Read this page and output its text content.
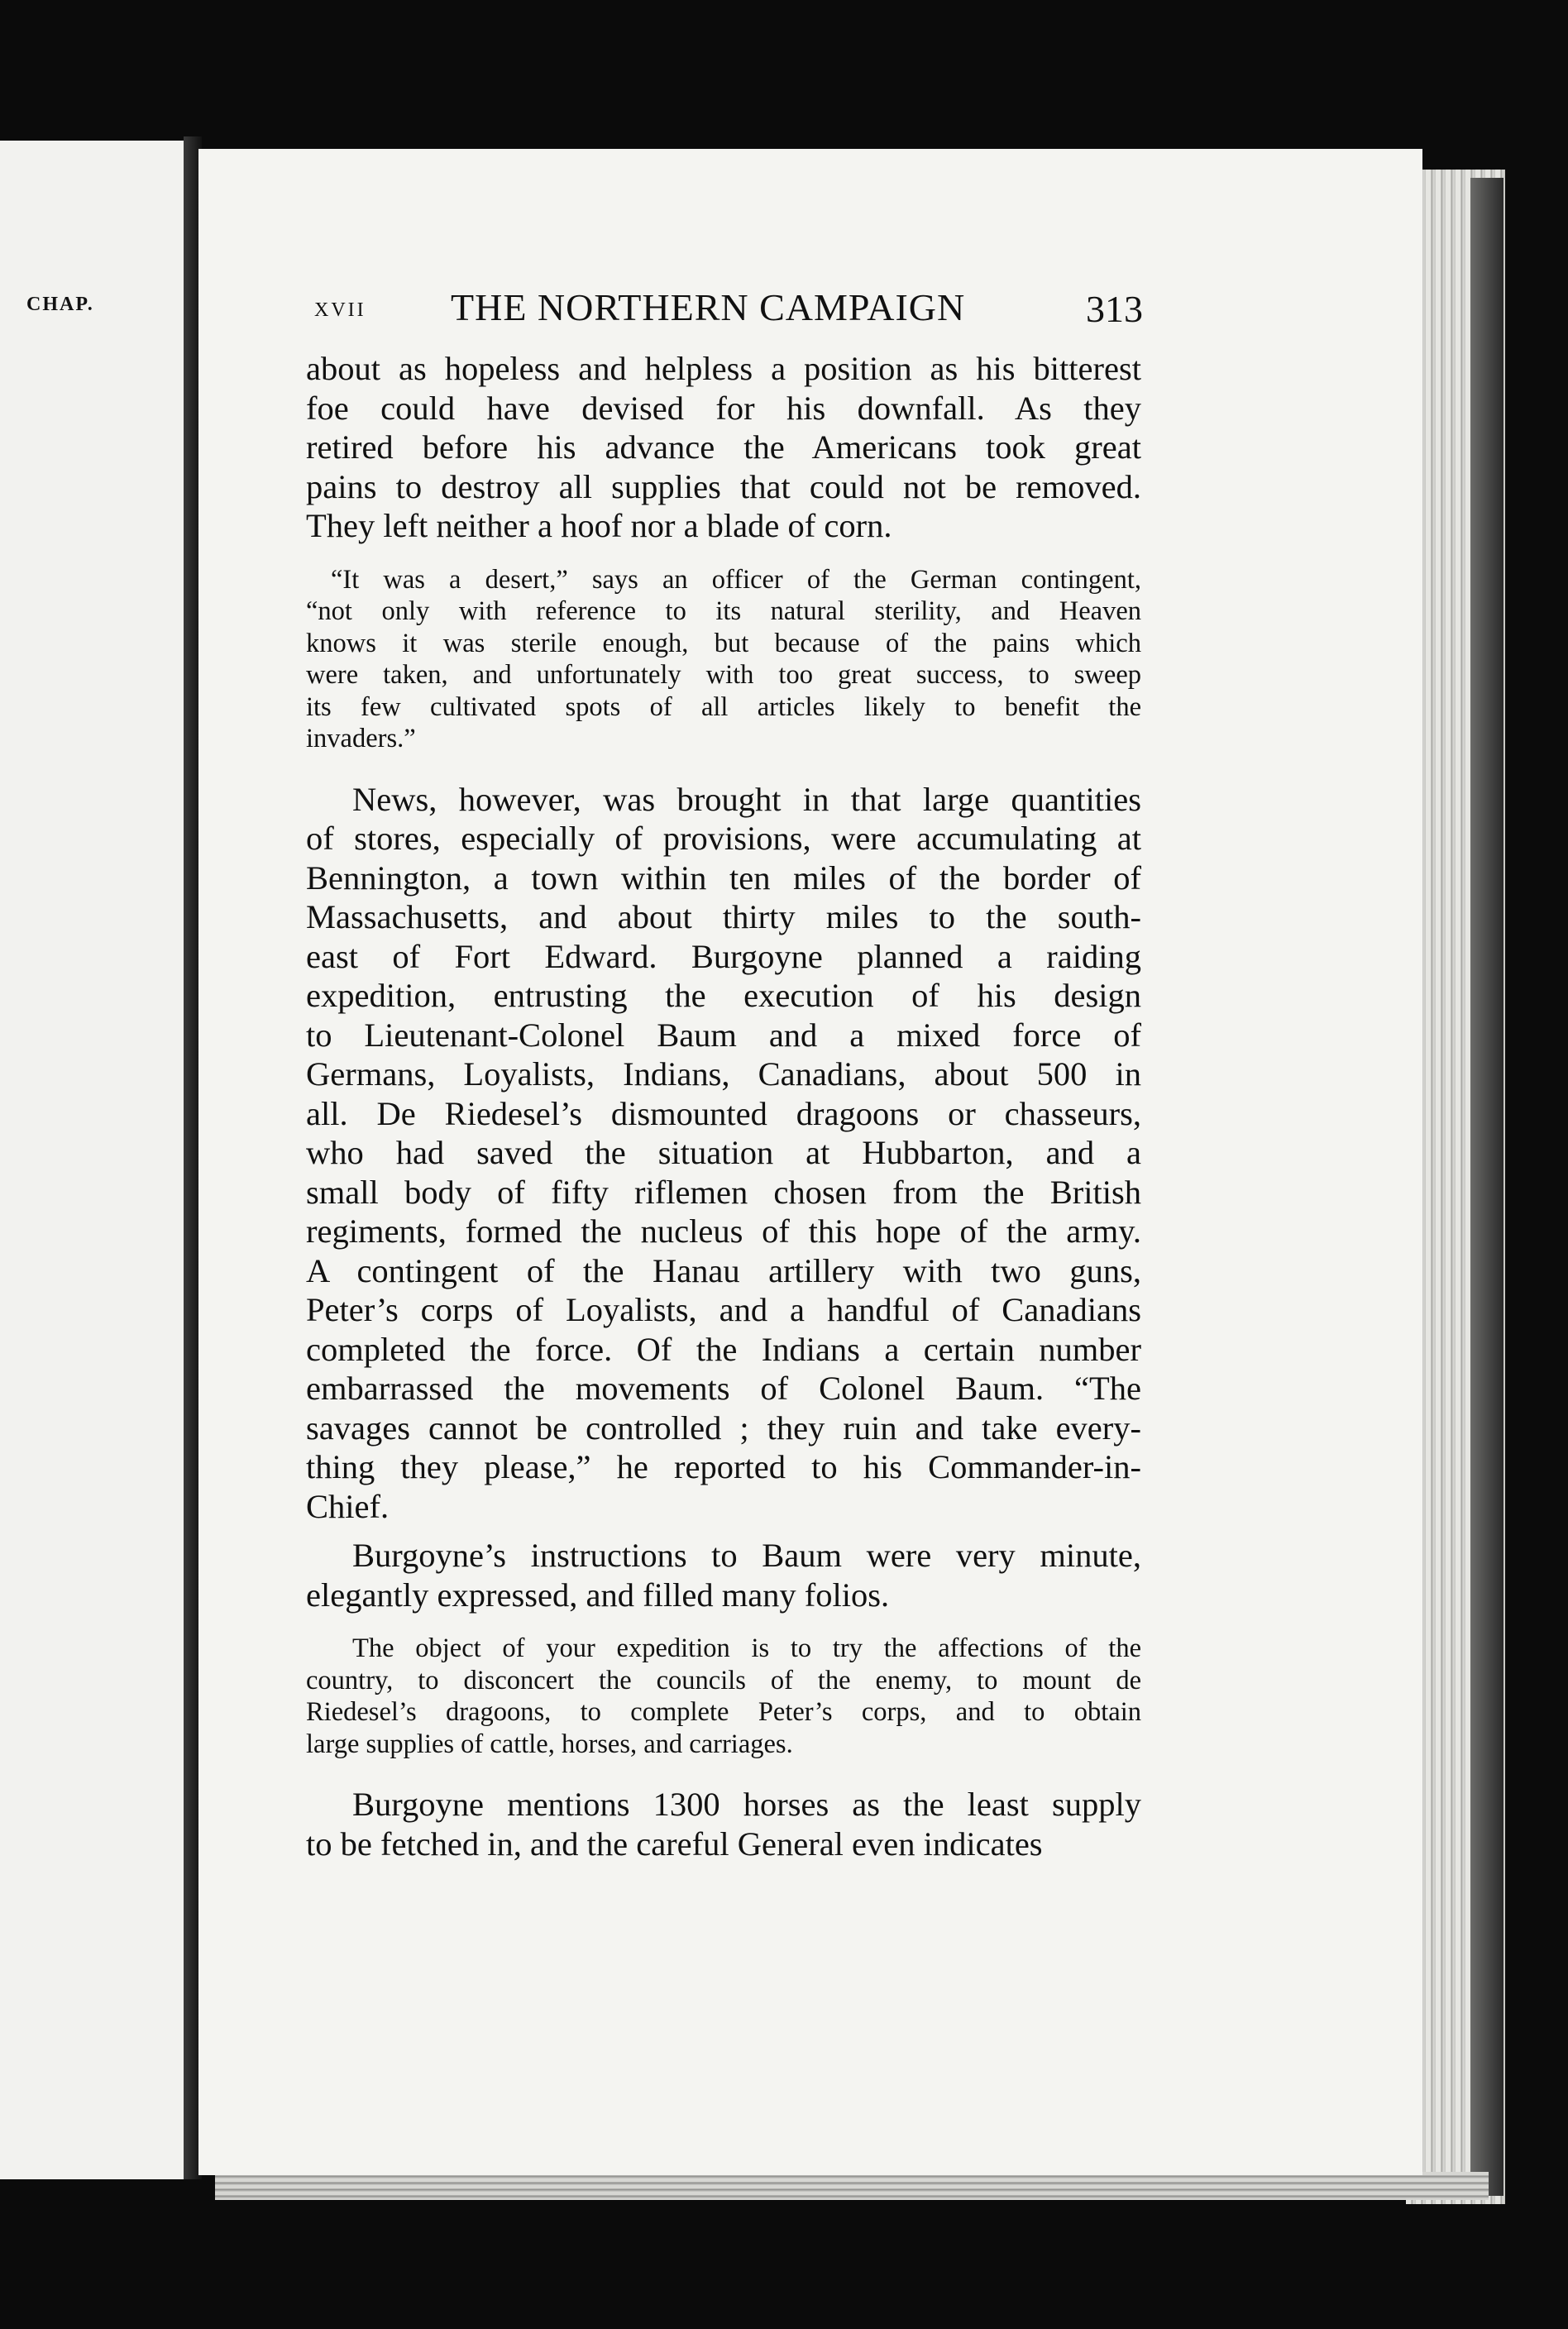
CHAP.
	XVII THE NORTHERN CAMPAIGN	313
about as hopeless and helpless a position as his bitterest
foe could have devised for his downfall. As they
retired before his advance the Americans took great
pains to destroy all supplies that could not be removed.
They left neither a hoof nor a blade of corn.
“It was a desert,” says an officer of the German contingent,
“not only with reference to its natural sterility, and Heaven
knows it was sterile enough, but because of the pains which
were taken, and unfortunately with too great success, to sweep
its few cultivated spots of all articles likely to benefit the
invaders.”
News, however, was brought in that large quantities
of stores, especially of provisions, were accumulating at
Bennington, a town within ten miles of the border of
Massachusetts, and about thirty miles to the south-
east of Fort Edward. Burgoyne planned a raiding
expedition, entrusting the execution of his design
to Lieutenant-Colonel Baum and a mixed force of
Germans, Loyalists, Indians, Canadians, about 500 in
all. De Riedesel’s dismounted dragoons or chasseurs,
who had saved the situation at Hubbarton, and a
small body of fifty riflemen chosen from the British
regiments, formed the nucleus of this hope of the army.
A contingent of the Hanau artillery with two guns,
Peter’s corps of Loyalists, and a handful of Canadians
completed the force. Of the Indians a certain number
embarrassed the movements of Colonel Baum. “The
savages cannot be controlled ; they ruin and take every-
thing they please,” he reported to his Commander-in-
Chief.
Burgoyne’s instructions to Baum were very minute,
elegantly expressed, and filled many folios.
The object of your expedition is to try the affections of the
country, to disconcert the councils of the enemy, to mount de
Riedesel’s dragoons, to complete Peter’s corps, and to obtain
large supplies of cattle, horses, and carriages.
Burgoyne mentions 1300 horses as the least supply
to be fetched in, and the careful General even indicates
